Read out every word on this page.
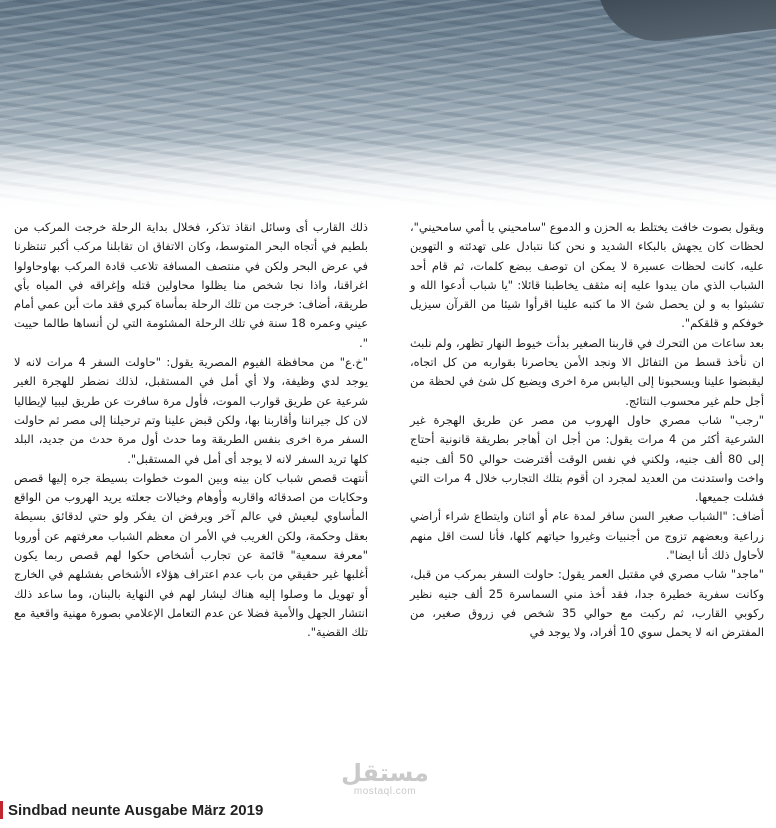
ويقول بصوت خافت يختلط به الحزن و الدموع "سامحيني يا أمي سامحيني"، لحظات كان يجهش بالبكاء الشديد و نحن كنا نتبادل على تهدئته و التهوين عليه، كانت لحظات عسيرة لا يمكن ان توصف ببضع كلمات، ثم قام أحد الشباب الذي مان يبدوا عليه إنه مثقف يخاطبنا قائلا: "يا شباب أدعوا الله و تشبثوا به و لن يحصل شئ الا ما كتبه علينا اقرأوا شيئا من القرآن سيزيل خوفكم و قلقكم".

بعد ساعات من التحرك في قاربنا الصغير بدأت خيوط النهار تظهر، ولم نلبث ان نأخذ قسط من التفائل الا ونجد الأمن يحاصرنا بقواربه من كل اتجاه، ليقبضوا علينا ويسحبونا إلى اليابس مرة اخرى ويضيع كل شئ في لحظة من أجل حلم غير محسوب النتائج.

"رجب" شاب مصري حاول الهروب من مصر عن طريق الهجرة غير الشرعية أكثر من 4 مرات يقول: من أجل ان أهاجر بطريقة قانونية أحتاج إلى 80 ألف جنيه، ولكني في نفس الوقت أقترضت حوالي 50 ألف جنيه واخت واستدنت من العديد لمجرد ان أقوم بتلك التجارب خلال 4 مرات التي فشلت جميعها.

أضاف: "الشباب صغير السن سافر لمدة عام أو اثنان وايتطاع شراء أراضي زراعية وبعضهم تزوج من أجنبيات وغيروا حياتهم كلها، فأنا لست اقل منهم لأحاول ذلك أنا ايضا".

"ماجد" شاب مصري في مقتبل العمر يقول: حاولت السفر بمركب من قبل، وكانت سفرية خطيرة جدا، فقد أخذ مني السماسرة 25 ألف جنيه نظير ركوبي القارب، ثم ركبت مع حوالي 35 شخص في زروق صغير، من المفترض انه لا يحمل سوي 10 أفراد، ولا يوجد في

ذلك القارب أى وسائل انقاذ تذكر، فخلال بداية الرحلة خرجت المركب من بلطيم في أتجاه البحر المتوسط، وكان الاتفاق ان تقابلنا مركب أكبر تنتظرنا في عرض البحر ولكن في منتصف المسافة تلاعب قادة المركب بهاوحاولوا اغراقنا، واذا نجا شخص منا يظلوا محاولين قتله وإغراقه في المياه بأي طريقة، أضاف: خرجت من تلك الرحلة بمأساة كبري فقد مات أبن عمي أمام عيني وعمره 18 سنة في تلك الرحلة المشئومة التي لن أنساها طالما حييت ".

"خ.ع" من محافظة الفيوم المصرية يقول: "حاولت السفر 4 مرات لانه لا يوجد لدي وظيفة، ولا أي أمل في المستقبل، لذلك نضطر للهجرة الغير شرعية عن طريق قوارب الموت، فأول مرة سافرت عن طريق ليبيا لإيطاليا لان كل جيراننا وأقاربنا بها، ولكن قبض علينا وتم ترحيلنا إلى مصر ثم حاولت السفر مرة اخرى بنفس الطريقة وما حدث أول مرة حدث من جديد، البلد كلها تريد السفر لانه لا يوجد أى أمل في المستقبل".

أنتهت قصص شباب كان بينه وبين الموت خطوات بسيطة جره إليها قصص وحكايات من اصدقائه واقاربه وأوهام وخيالات جعلته يريد الهروب من الواقع المأساوي ليعيش في عالم آخر ويرفض ان يفكر ولو حتي لدقائق بسيطة بعقل وحكمة، ولكن الغريب في الأمر ان معظم الشباب معرفتهم عن أوروبا "معرفة سمعية" قائمة عن تجارب أشخاص حكوا لهم قصص ربما يكون أغلبها غير حقيقي من باب عدم اعتراف هؤلاء الأشخاص بفشلهم في الخارج أو تهويل ما وصلوا إليه هناك ليشار لهم في النهاية بالبنان، وما ساعد ذلك انتشار الجهل والأمية فضلا عن عدم التعامل الإعلامي بصورة مهنية واقعية مع تلك القضية".

مستقل
mostaql.com
Sindbad neunte Ausgabe März 2019
